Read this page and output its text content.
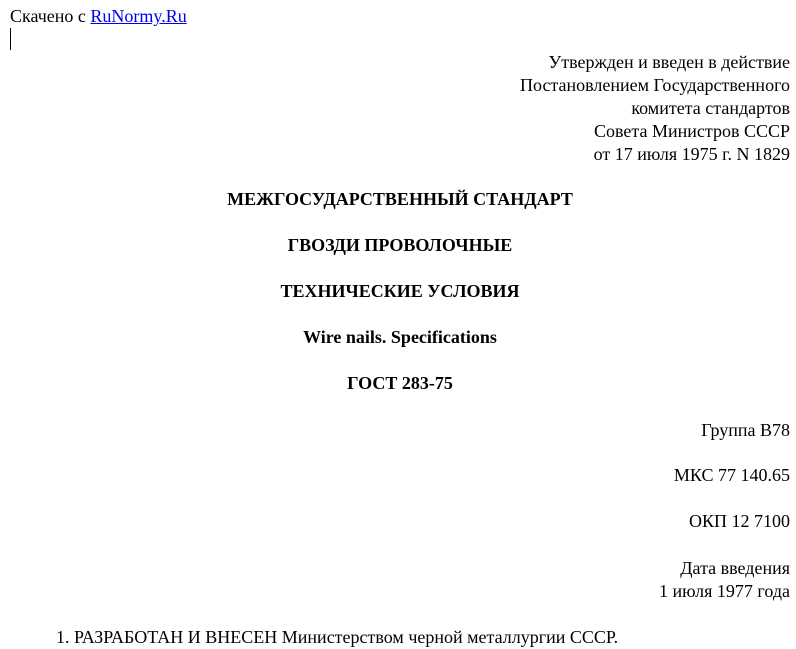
Скачено с RuNormy.Ru
Утвержден и введен в действие
Постановлением Государственного
комитета стандартов
Совета Министров СССР
от 17 июля 1975 г. N 1829
МЕЖГОСУДАРСТВЕННЫЙ СТАНДАРТ
ГВОЗДИ ПРОВОЛОЧНЫЕ
ТЕХНИЧЕСКИЕ УСЛОВИЯ
Wire nails. Specifications
ГОСТ 283-75
Группа В78
МКС 77 140.65
ОКП 12 7100
Дата введения
1 июля 1977 года
1. РАЗРАБОТАН И ВНЕСЕН Министерством черной металлургии СССР.
